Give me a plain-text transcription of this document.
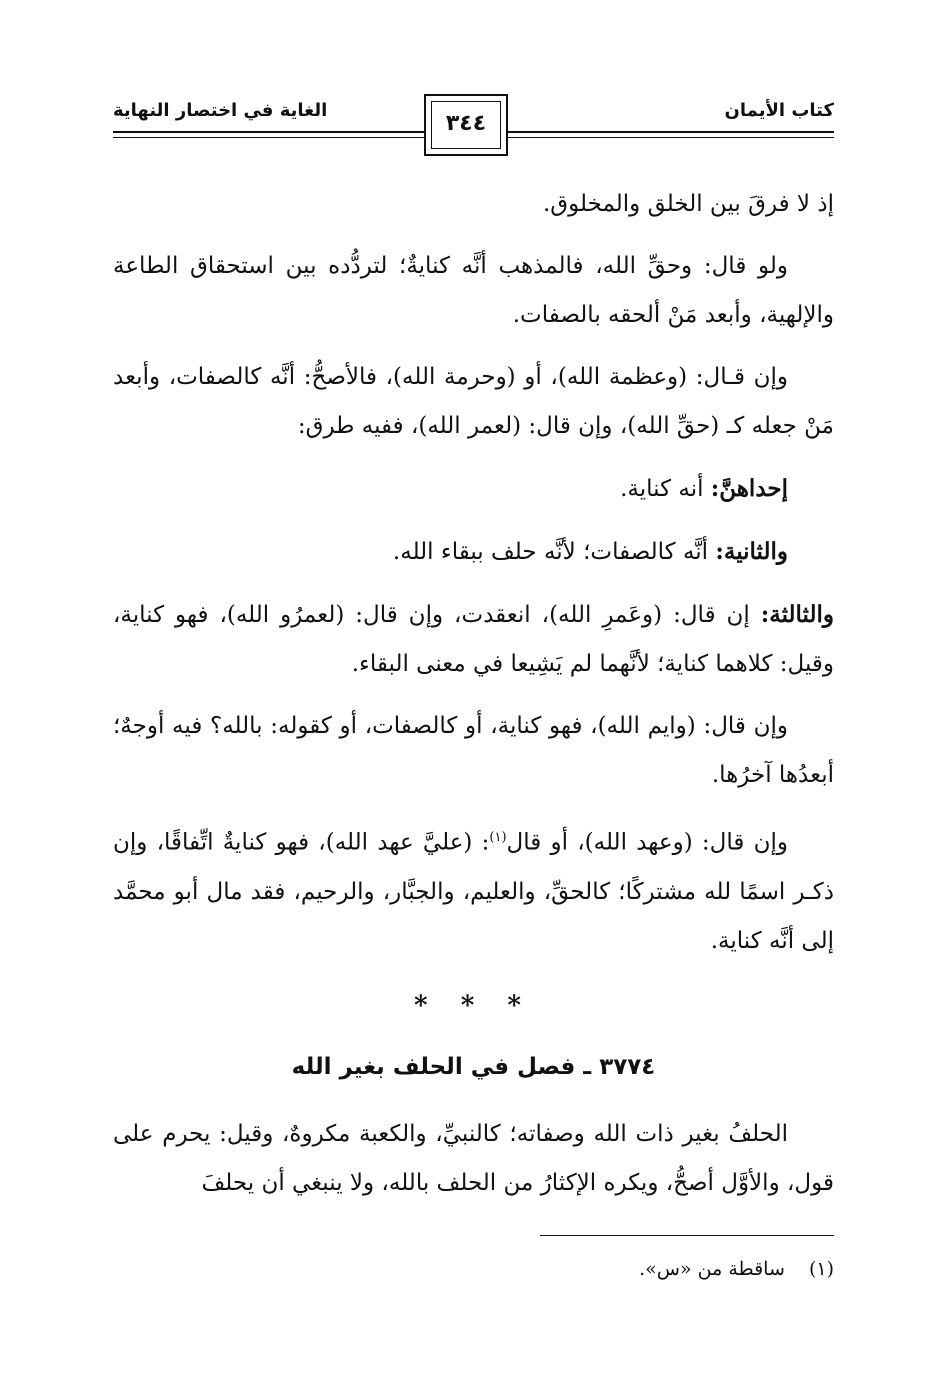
كتاب الأيمان
الغاية في اختصار النهاية
٣٤٤

إذ لا فرقَ بين الخلق والمخلوق.

ولو قال: وحقِّ الله، فالمذهب أنَّه كنايةٌ؛ لتردُّده بين استحقاق الطاعة والإلهية، وأبعد مَنْ ألحقه بالصفات.

وإن قـال: (وعظمة الله)، أو (وحرمة الله)، فالأصحُّ: أنَّه كالصفات، وأبعد مَنْ جعله كـ (حقِّ الله)، وإن قال: (لعمر الله)، ففيه طرق:

إحداهنَّ: أنه كناية.

والثانية: أنَّه كالصفات؛ لأنَّه حلف ببقاء الله.

والثالثة: إن قال: (وعَمرِ الله)، انعقدت، وإن قال: (لعمرُو الله)، فهو كناية، وقيل: كلاهما كناية؛ لأنَّهما لم يَشِيعا في معنى البقاء.

وإن قال: (وايم الله)، فهو كناية، أو كالصفات، أو كقوله: بالله؟ فيه أوجهٌ؛ أبعدُها آخرُها.

وإن قال: (وعهد الله)، أو قال$^{(١)}$: (عليَّ عهد الله)، فهو كنايةٌ اتِّفاقًا، وإن ذكـر اسمًا لله مشتركًا؛ كالحقِّ، والعليم، والجبَّار، والرحيم، فقد مال أبو محمَّد إلى أنَّه كناية.

* * *
٣٧٧٤ ـ فصل في الحلف بغير الله

الحلفُ بغير ذات الله وصفاته؛ كالنبيِّ، والكعبة مكروهٌ، وقيل: يحرم على قول، والأوَّل أصحُّ، ويكره الإكثارُ من الحلف بالله، ولا ينبغي أن يحلفَ

(١) ساقطة من «س».
